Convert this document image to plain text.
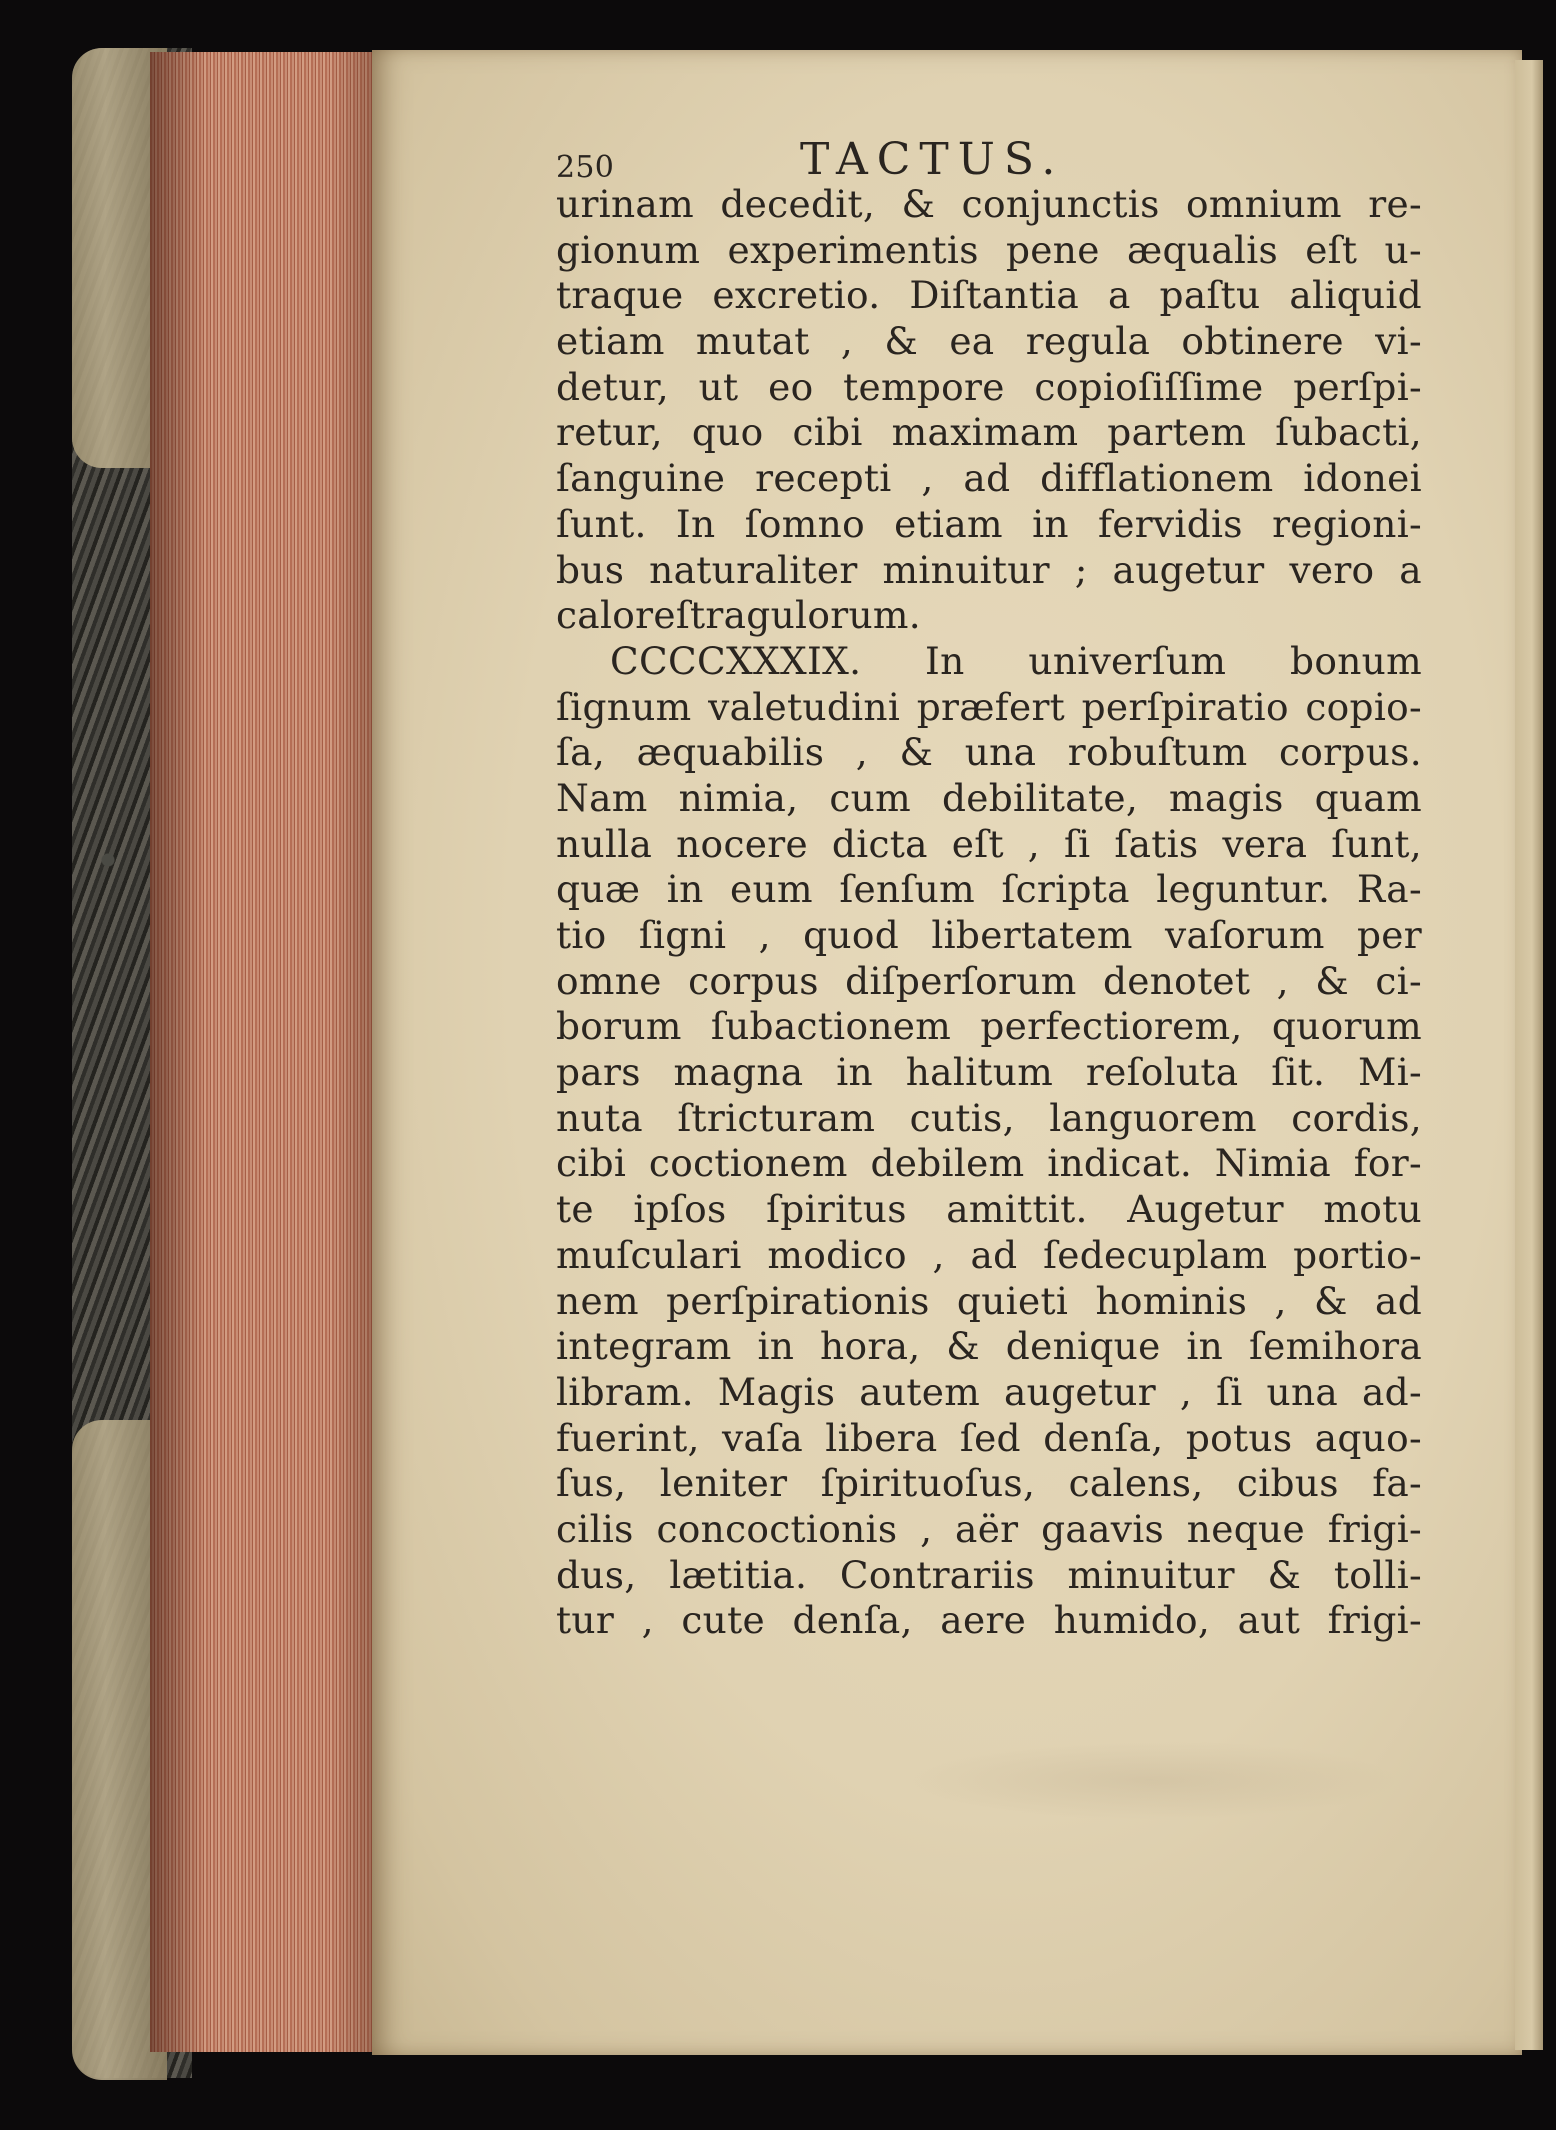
250	TACTUS.
urinam decedit, & conjunctis omnium re-
gionum experimentis pene æqualis eſt u-
traque excretio. Diſtantia a paſtu aliquid
etiam mutat , & ea regula obtinere vi-
detur, ut eo tempore copioſiſſime perſpi-
retur, quo cibi maximam partem ſubacti,
ſanguine recepti , ad difflationem idonei
ſunt. In ſomno etiam in fervidis regioni-
bus naturaliter minuitur ; augetur vero a
calore ſtragulorum.
CCCCXXXIX. In univerſum bonum
ſignum valetudini præfert perſpiratio copio-
ſa, æquabilis , & una robuſtum corpus.
Nam nimia, cum debilitate, magis quam
nulla nocere dicta eſt , ſi ſatis vera ſunt,
quæ in eum ſenſum ſcripta leguntur. Ra-
tio ſigni , quod libertatem vaſorum per
omne corpus diſperſorum denotet , & ci-
borum ſubactionem perfectiorem, quorum
pars magna in halitum reſoluta ſit. Mi-
nuta ſtricturam cutis, languorem cordis,
cibi coctionem debilem indicat. Nimia for-
te ipſos ſpiritus amittit. Augetur motu
muſculari modico , ad ſedecuplam portio-
nem perſpirationis quieti hominis , & ad
integram in hora, & denique in ſemihora
libram. Magis autem augetur , ſi una ad-
fuerint, vaſa libera ſed denſa, potus aquo-
ſus, leniter ſpirituoſus, calens, cibus fa-
cilis concoctionis , aër gaavis neque frigi-
dus, lætitia. Contrariis minuitur & tolli-
tur , cute denſa, aere humido, aut frigi-
